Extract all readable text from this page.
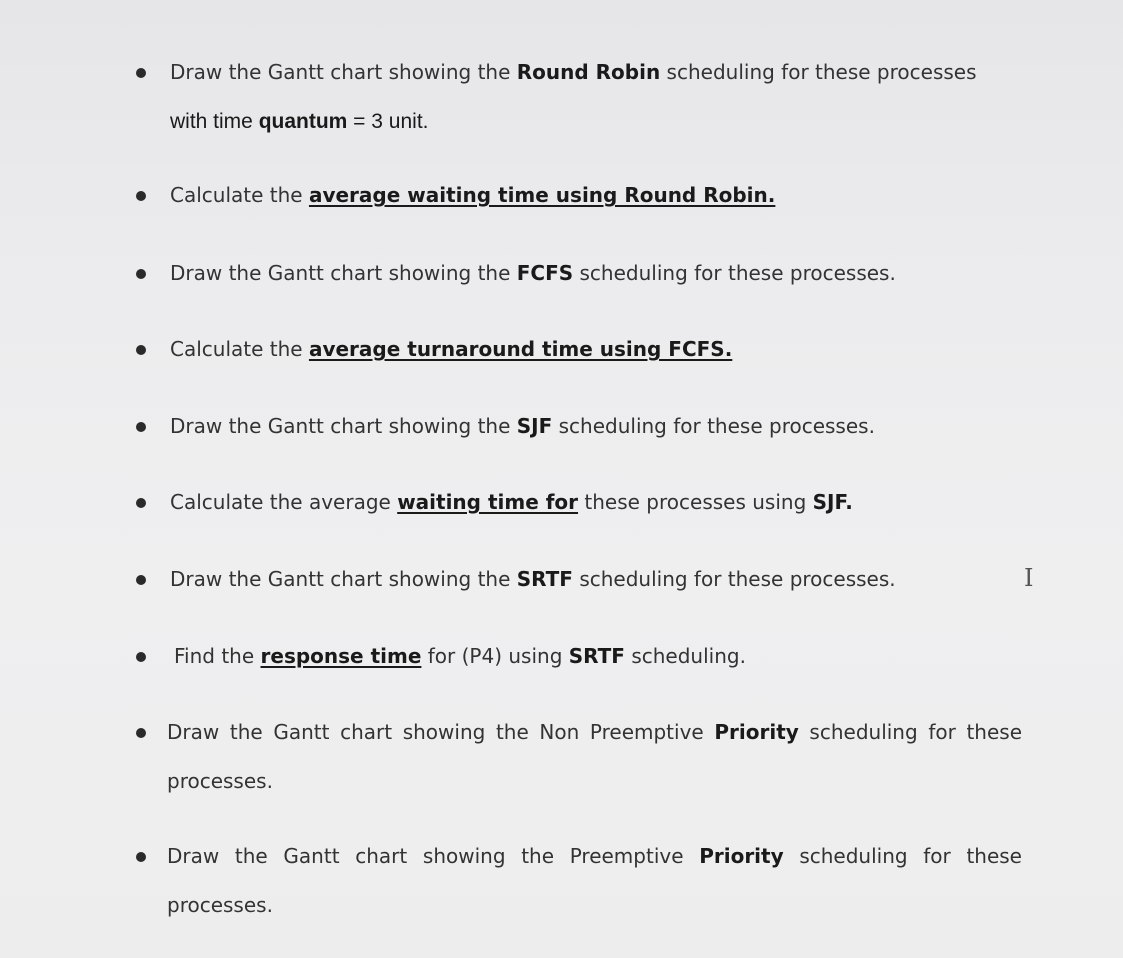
Draw the Gantt chart showing the Round Robin scheduling for these processes
with time quantum = 3 unit.
Calculate the average waiting time using Round Robin.
Draw the Gantt chart showing the FCFS scheduling for these processes.
Calculate the average turnaround time using FCFS.
Draw the Gantt chart showing the SJF scheduling for these processes.
Calculate the average waiting time for these processes using SJF.
Draw the Gantt chart showing the SRTF scheduling for these processes.
Find the response time for (P4) using SRTF scheduling.
Draw the Gantt chart showing the Non Preemptive Priority scheduling for these processes.
Draw the Gantt chart showing the Preemptive Priority scheduling for these processes.
I
